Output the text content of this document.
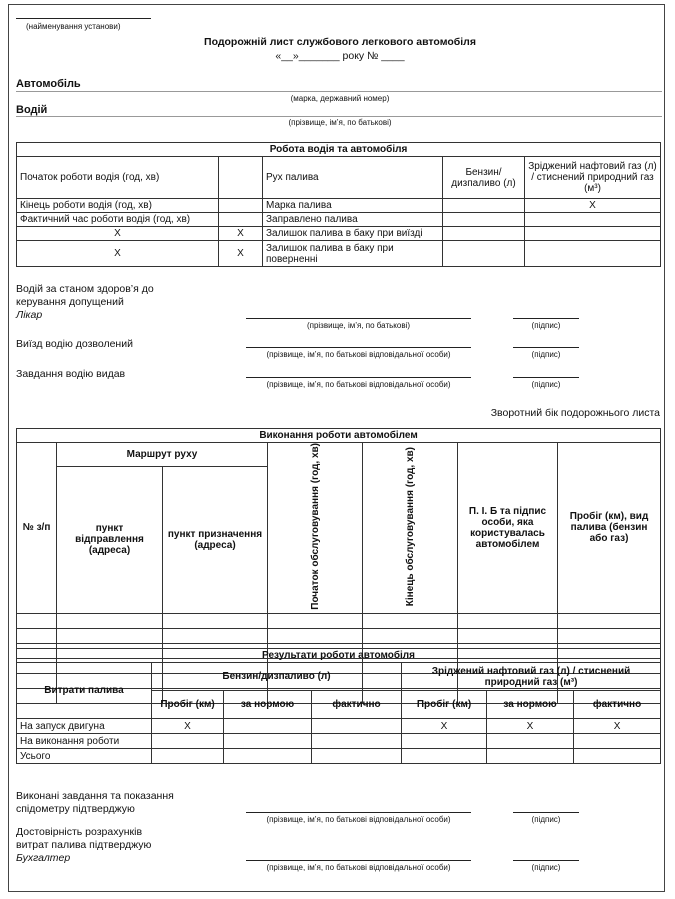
(найменування установи)
Подорожній лист службового легкового автомобіля
«__»_______ року № ____
Автомобіль
(марка, державний номер)
Водій
(прізвище, ім’я, по батькові)
Робота водія та автомобіля				
Початок роботи водія (год, хв)		Рух палива	Бензин/ дизпаливо (л)	Зріджений нафтовий газ (л) / стиснений природний газ (м³)
Кінець роботи водія (год, хв)		Марка палива		X
Фактичний час роботи водія (год, хв)		Заправлено палива		
X	X	Залишок палива в баку при виїзді		
X	X	Залишок палива в баку при поверненні		
Водій за станом здоров’я до керування допущений
Лікар
(прізвище, ім’я, по батькові)	(підпис)
Виїзд водію дозволений
(прізвище, ім’я, по батькові відповідальної особи)	(підпис)
Завдання водію видав
(прізвище, ім’я, по батькові відповідальної особи)	(підпис)
Зворотний бік подорожнього листа
Виконання роботи автомобілем						
№ з/п	Маршрут руху		Початок обслуговування (год, хв)	Кінець обслуговування (год, хв)	П. І. Б та підпис особи, яка користувалась автомобілем	Пробіг (км), вид палива (бензин або газ)
	пункт відправлення (адреса)	пункт призначення (адреса)				

Результати роботи автомобіля						
Витрати палива	Бензин/дизпаливо (л)			Зріджений нафтовий газ (л) / стиснений природний газ (м³)		
	Пробіг (км)	за нормою	фактично	Пробіг (км)	за нормою	фактично
На запуск двигуна	X			X	X	X
На виконання роботи						
Усього						
Виконані завдання та показання спідометру підтверджую
(прізвище, ім’я, по батькові відповідальної особи)	(підпис)
Достовірність розрахунків витрат палива підтверджую
Бухгалтер
(прізвище, ім’я, по батькові відповідальної особи)	(підпис)
